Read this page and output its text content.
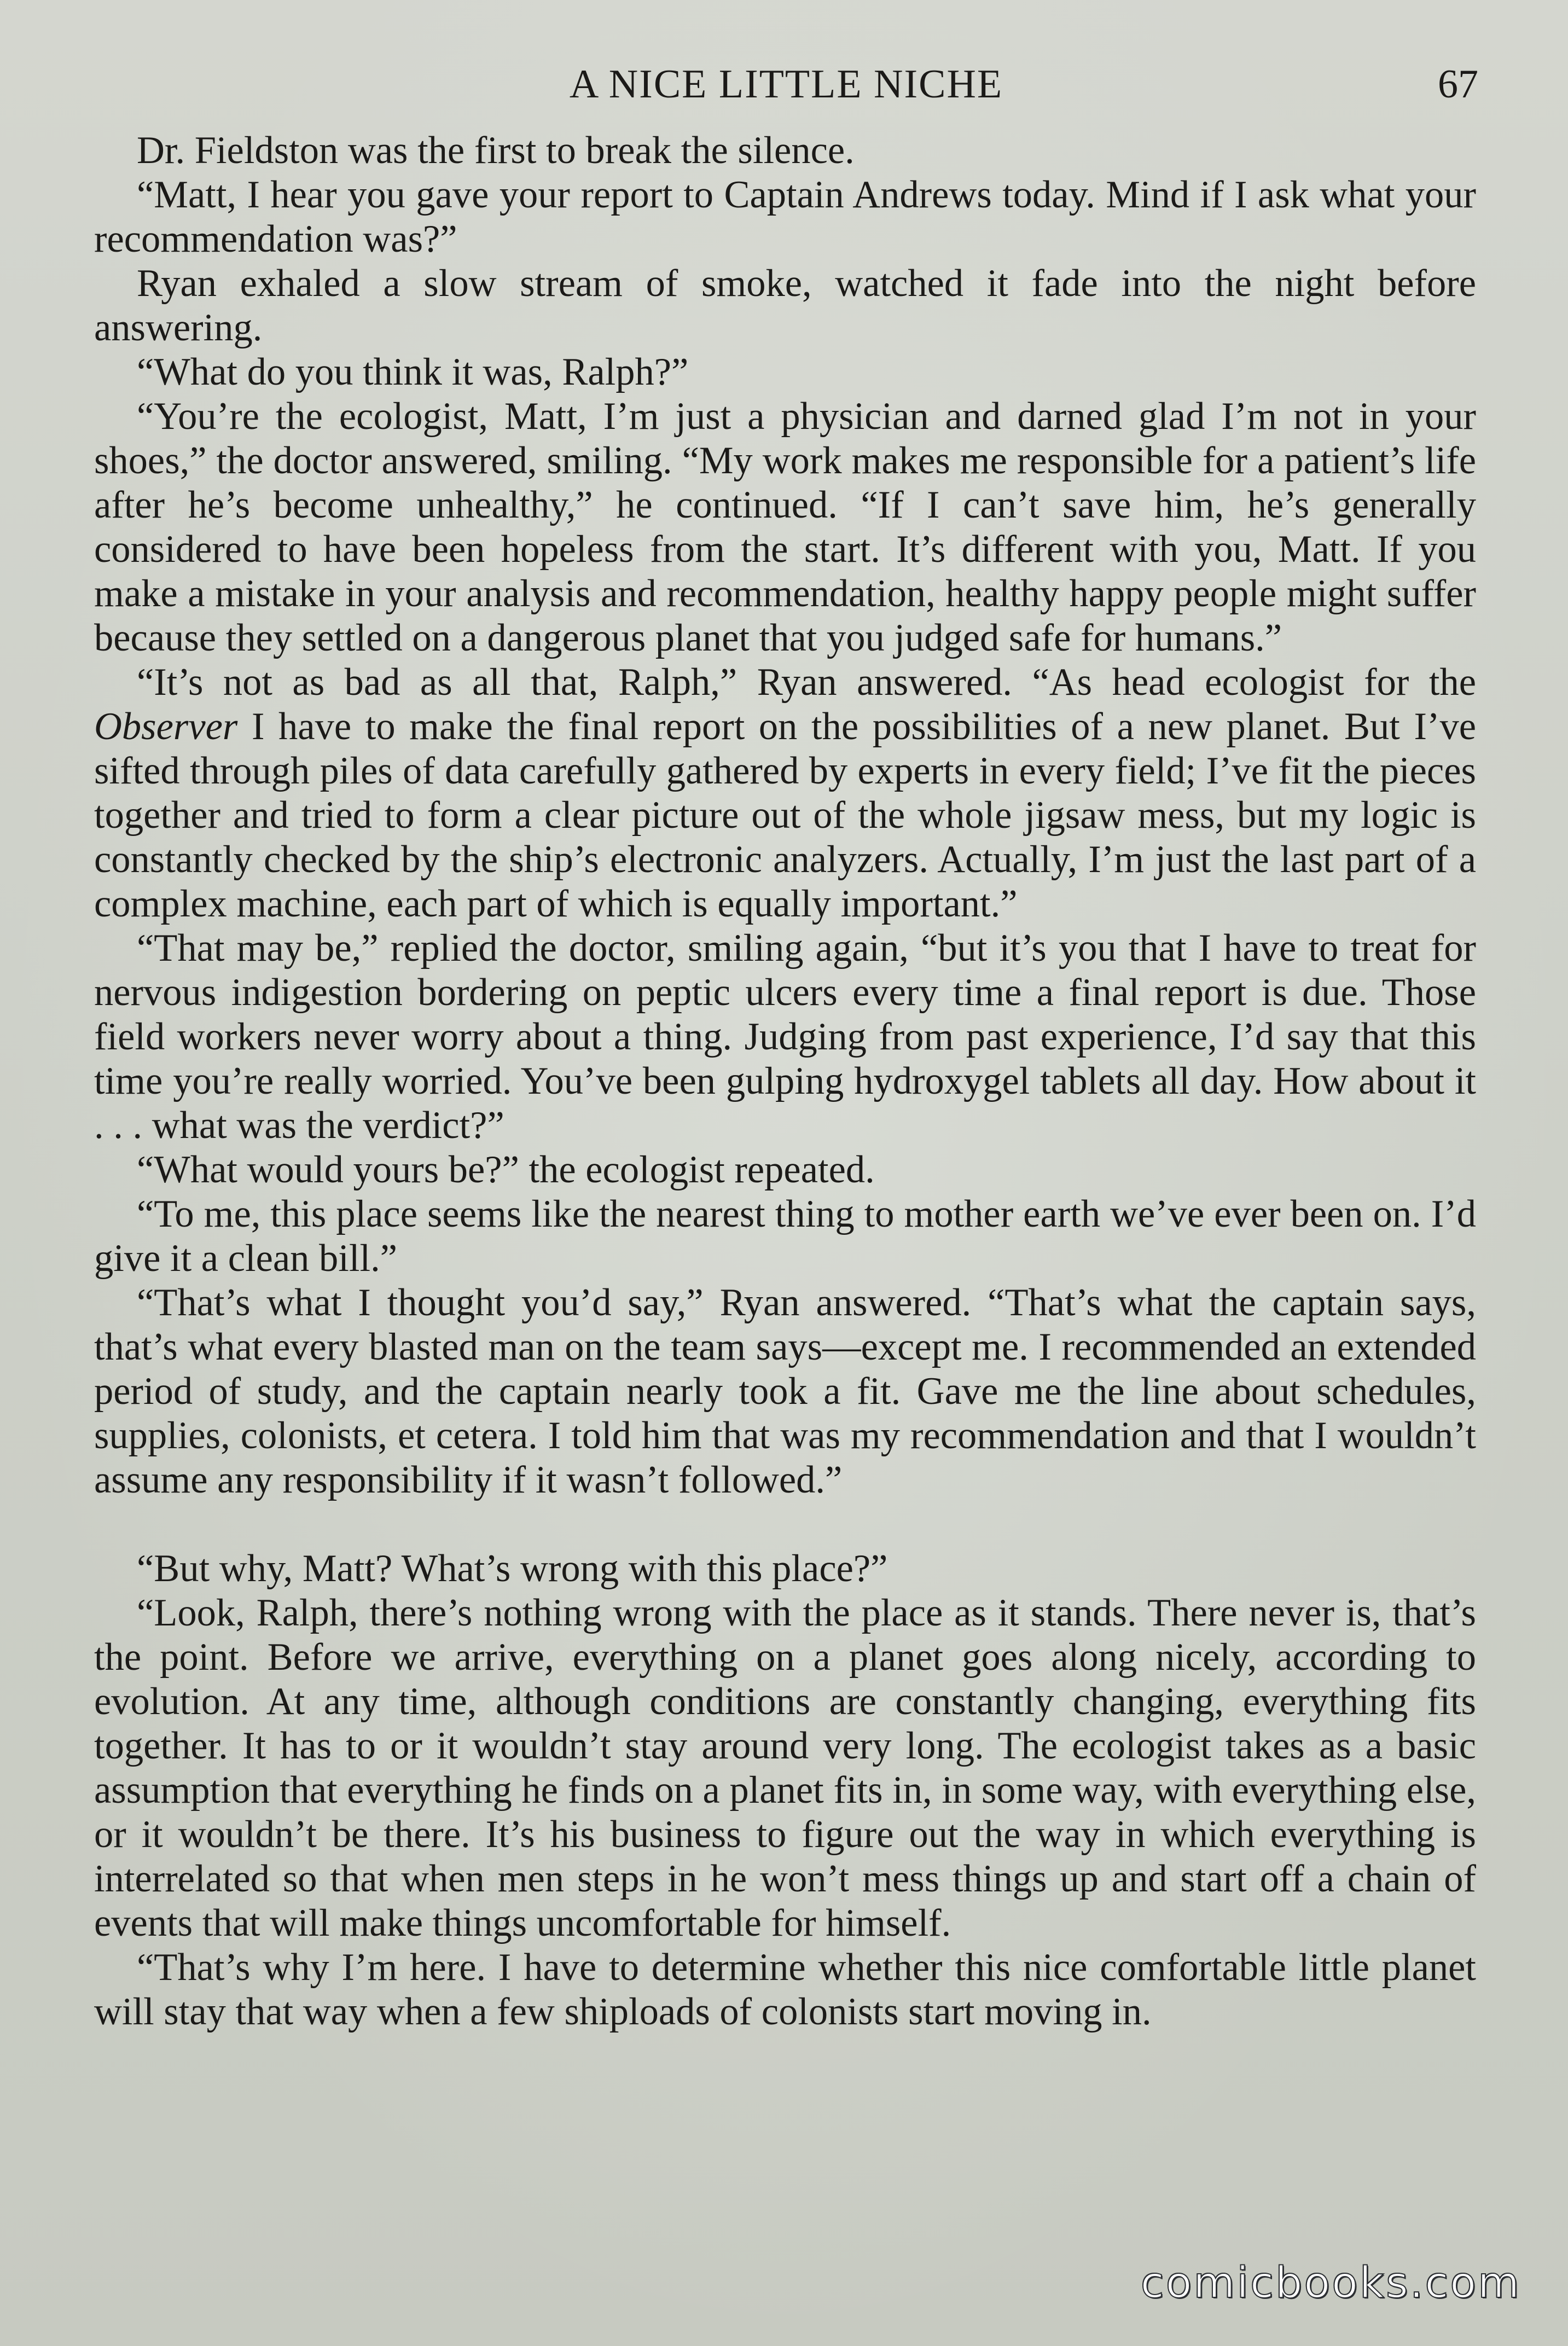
A NICE LITTLE NICHE	67

Dr. Fieldston was the first to break the silence.

“Matt, I hear you gave your report to Captain Andrews today. Mind if I ask what your recommendation was?”

Ryan exhaled a slow stream of smoke, watched it fade into the night before answering.

“What do you think it was, Ralph?”

“You’re the ecologist, Matt, I’m just a physician and darned glad I’m not in your shoes,” the doctor answered, smiling. “My work makes me responsible for a patient’s life after he’s become unhealthy,” he continued. “If I can’t save him, he’s generally considered to have been hopeless from the start. It’s different with you, Matt. If you make a mistake in your analysis and recommendation, healthy happy people might suffer because they settled on a dangerous planet that you judged safe for humans.”

“It’s not as bad as all that, Ralph,” Ryan answered. “As head ecologist for the Observer I have to make the final report on the possibilities of a new planet. But I’ve sifted through piles of data carefully gathered by experts in every field; I’ve fit the pieces together and tried to form a clear picture out of the whole jigsaw mess, but my logic is constantly checked by the ship’s electronic analyzers. Actually, I’m just the last part of a complex machine, each part of which is equally important.”

“That may be,” replied the doctor, smiling again, “but it’s you that I have to treat for nervous indigestion bordering on peptic ulcers every time a final report is due. Those field workers never worry about a thing. Judging from past experience, I’d say that this time you’re really worried. You’ve been gulping hydroxygel tablets all day. How about it . . . what was the verdict?”

“What would yours be?” the ecologist repeated.

“To me, this place seems like the nearest thing to mother earth we’ve ever been on. I’d give it a clean bill.”

“That’s what I thought you’d say,” Ryan answered. “That’s what the captain says, that’s what every blasted man on the team says—except me. I recommended an extended period of study, and the captain nearly took a fit. Gave me the line about schedules, supplies, colonists, et cetera. I told him that was my recommendation and that I wouldn’t assume any responsibility if it wasn’t followed.”

“But why, Matt? What’s wrong with this place?”

“Look, Ralph, there’s nothing wrong with the place as it stands. There never is, that’s the point. Before we arrive, everything on a planet goes along nicely, according to evolution. At any time, although conditions are constantly changing, everything fits together. It has to or it wouldn’t stay around very long. The ecologist takes as a basic assumption that everything he finds on a planet fits in, in some way, with everything else, or it wouldn’t be there. It’s his business to figure out the way in which everything is interrelated so that when men steps in he won’t mess things up and start off a chain of events that will make things uncomfortable for himself.

“That’s why I’m here. I have to determine whether this nice comfortable little planet will stay that way when a few shiploads of colonists start moving in.

comicbooks.com
